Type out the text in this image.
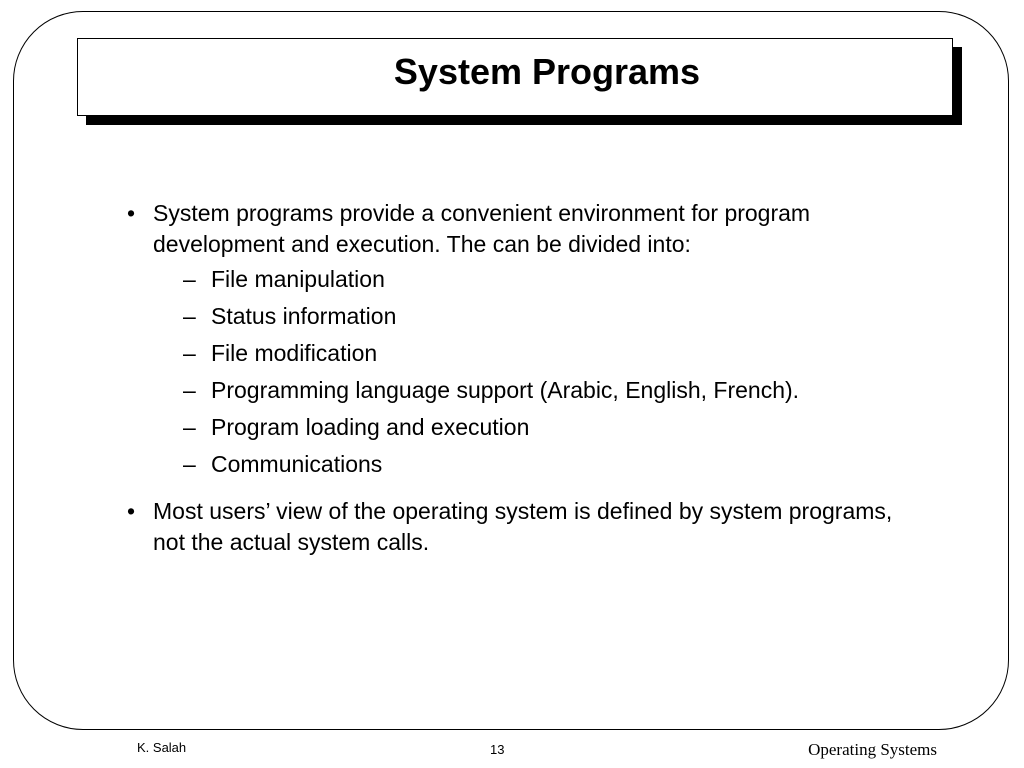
System Programs
• System programs provide a convenient environment for program development and execution. The can be divided into:
– File manipulation
– Status information
– File modification
– Programming language support (Arabic, English, French).
– Program loading and execution
– Communications
• Most users’ view of the operating system is defined by system programs, not the actual system calls.
K. Salah	13	Operating Systems
